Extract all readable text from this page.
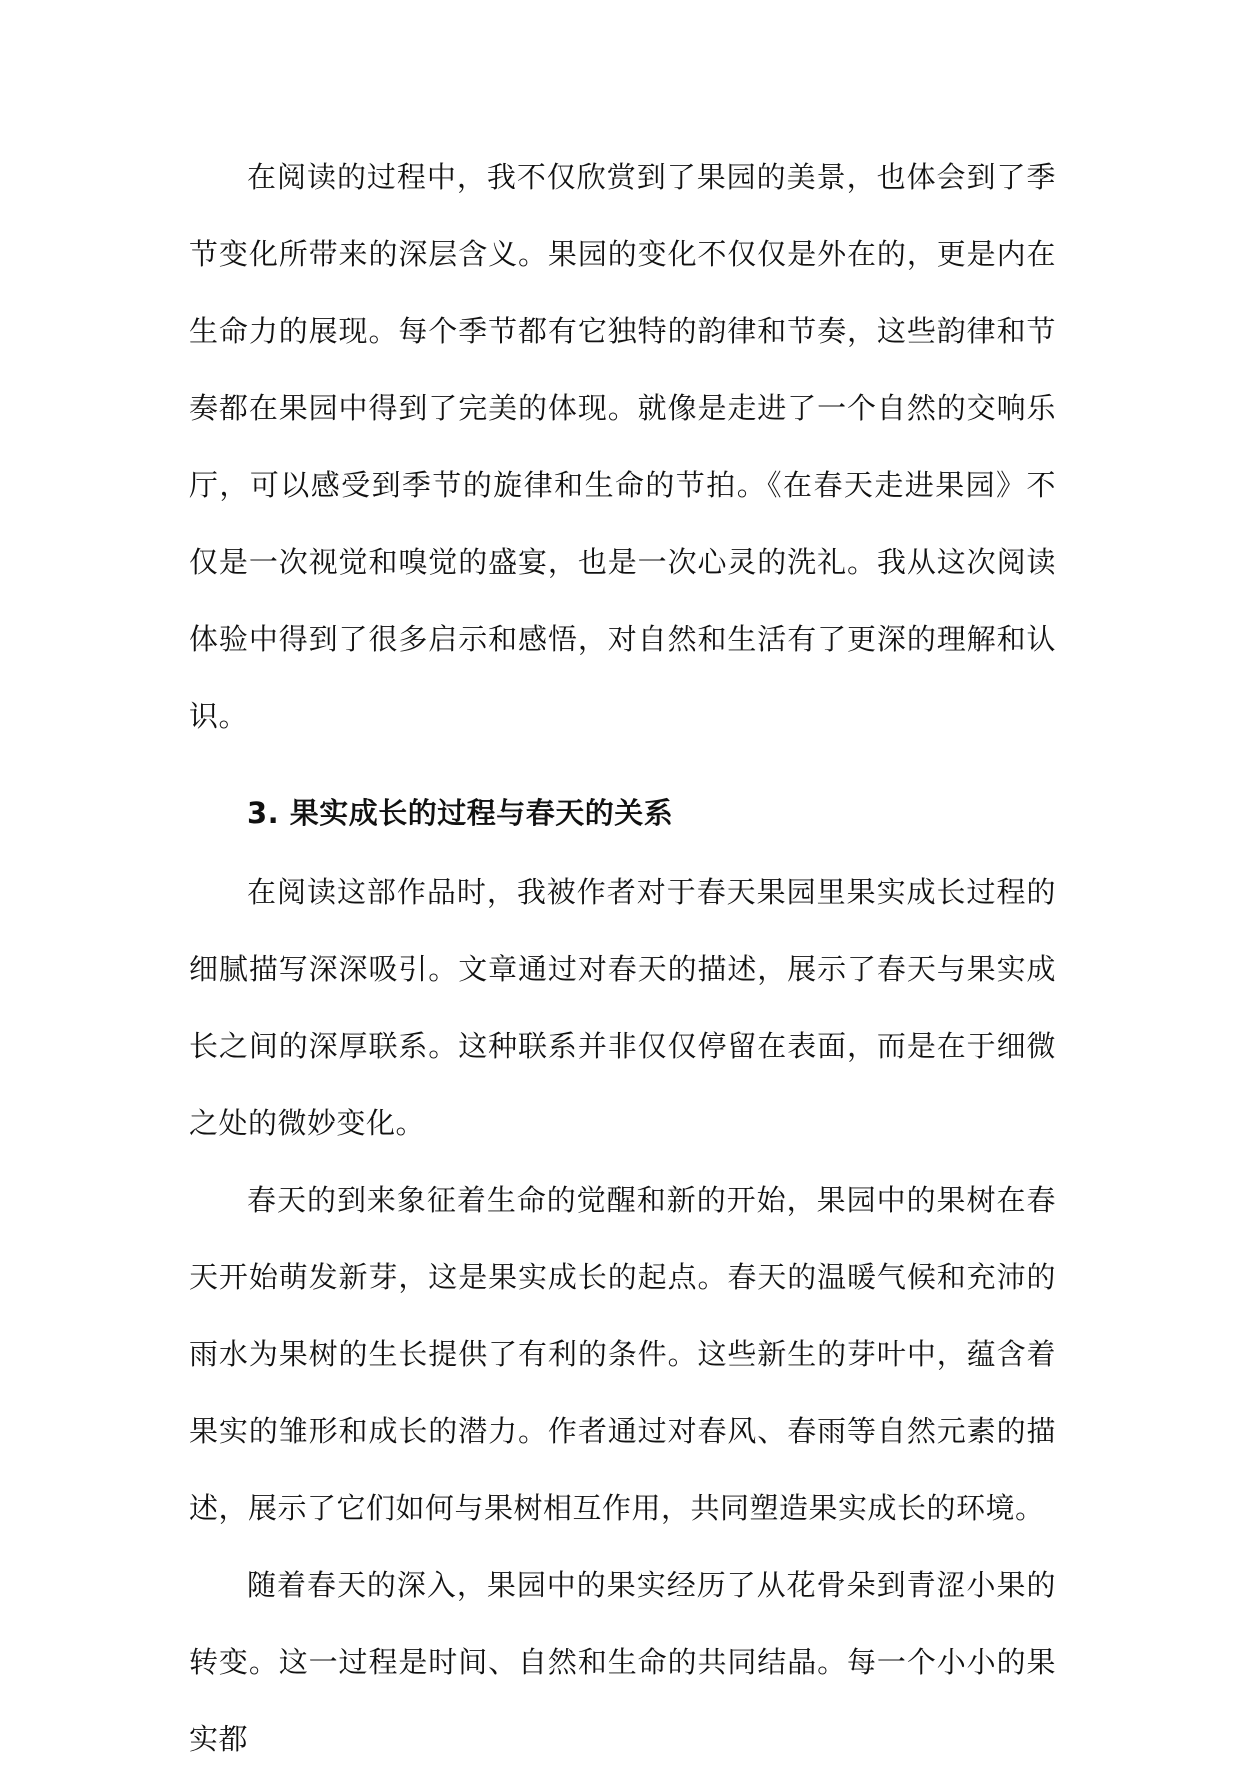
在阅读的过程中，我不仅欣赏到了果园的美景，也体会到了季节变化所带来的深层含义。果园的变化不仅仅是外在的，更是内在生命力的展现。每个季节都有它独特的韵律和节奏，这些韵律和节奏都在果园中得到了完美的体现。就像是走进了一个自然的交响乐厅，可以感受到季节的旋律和生命的节拍。《在春天走进果园》不仅是一次视觉和嗅觉的盛宴，也是一次心灵的洗礼。我从这次阅读体验中得到了很多启示和感悟，对自然和生活有了更深的理解和认识。

3. 果实成长的过程与春天的关系

在阅读这部作品时，我被作者对于春天果园里果实成长过程的细腻描写深深吸引。文章通过对春天的描述，展示了春天与果实成长之间的深厚联系。这种联系并非仅仅停留在表面，而是在于细微之处的微妙变化。

春天的到来象征着生命的觉醒和新的开始，果园中的果树在春天开始萌发新芽，这是果实成长的起点。春天的温暖气候和充沛的雨水为果树的生长提供了有利的条件。这些新生的芽叶中，蕴含着果实的雏形和成长的潜力。作者通过对春风、春雨等自然元素的描述，展示了它们如何与果树相互作用，共同塑造果实成长的环境。

随着春天的深入，果园中的果实经历了从花骨朵到青涩小果的转变。这一过程是时间、自然和生命的共同结晶。每一个小小的果实都
